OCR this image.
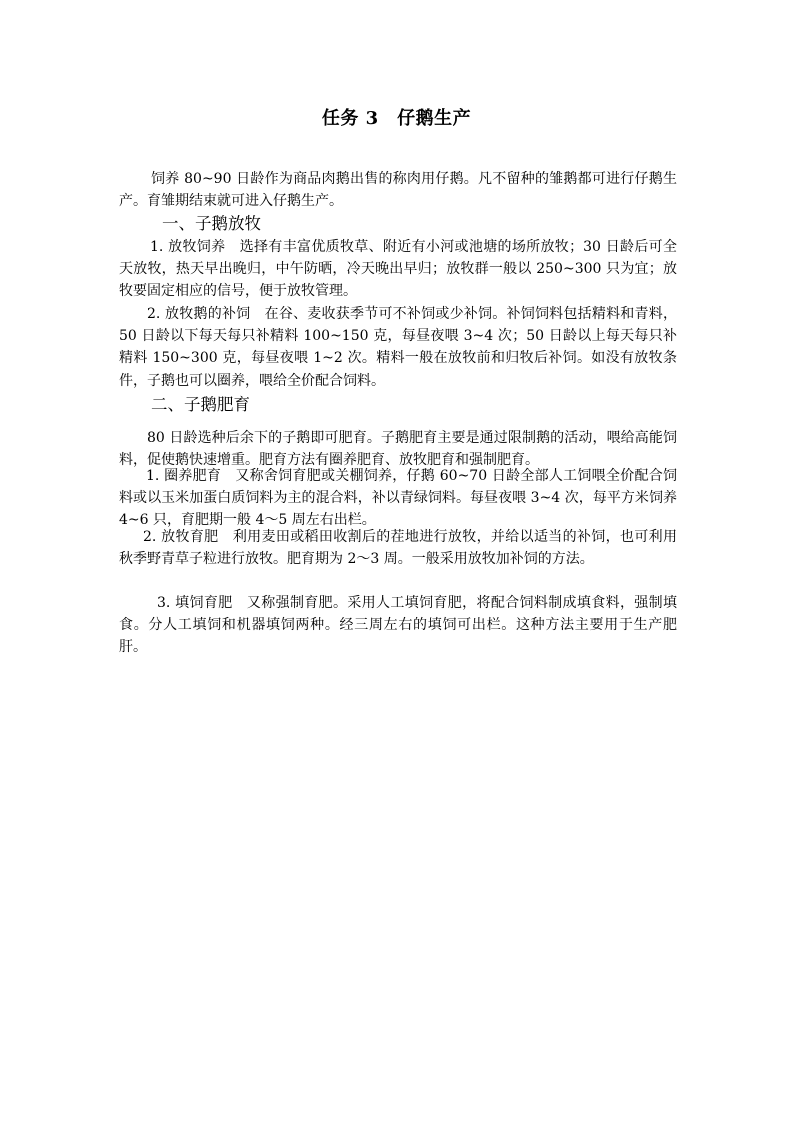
任务 3　仔鹅生产

饲养 80~90 日龄作为商品肉鹅出售的称肉用仔鹅。凡不留种的雏鹅都可进行仔鹅生产。育雏期结束就可进入仔鹅生产。

一、子鹅放牧

1. 放牧饲养　选择有丰富优质牧草、附近有小河或池塘的场所放牧；30 日龄后可全天放牧，热天早出晚归，中午防晒，冷天晚出早归；放牧群一般以 250~300 只为宜；放牧要固定相应的信号，便于放牧管理。

2. 放牧鹅的补饲　在谷、麦收获季节可不补饲或少补饲。补饲饲料包括精料和青料，50 日龄以下每天每只补精料 100~150 克，每昼夜喂 3~4 次；50 日龄以上每天每只补精料 150~300 克，每昼夜喂 1~2 次。精料一般在放牧前和归牧后补饲。如没有放牧条件，子鹅也可以圈养，喂给全价配合饲料。

二、子鹅肥育

80 日龄选种后余下的子鹅即可肥育。子鹅肥育主要是通过限制鹅的活动，喂给高能饲料，促使鹅快速增重。肥育方法有圈养肥育、放牧肥育和强制肥育。

1. 圈养肥育　又称舍饲育肥或关棚饲养，仔鹅 60~70 日龄全部人工饲喂全价配合饲料或以玉米加蛋白质饲料为主的混合料，补以青绿饲料。每昼夜喂 3~4 次，每平方米饲养 4~6 只，育肥期一般 4～5 周左右出栏。

2. 放牧育肥　利用麦田或稻田收割后的茬地进行放牧，并给以适当的补饲，也可利用秋季野青草子粒进行放牧。肥育期为 2～3 周。一般采用放牧加补饲的方法。

3. 填饲育肥　又称强制育肥。采用人工填饲育肥，将配合饲料制成填食料，强制填食。分人工填饲和机器填饲两种。经三周左右的填饲可出栏。这种方法主要用于生产肥肝。
